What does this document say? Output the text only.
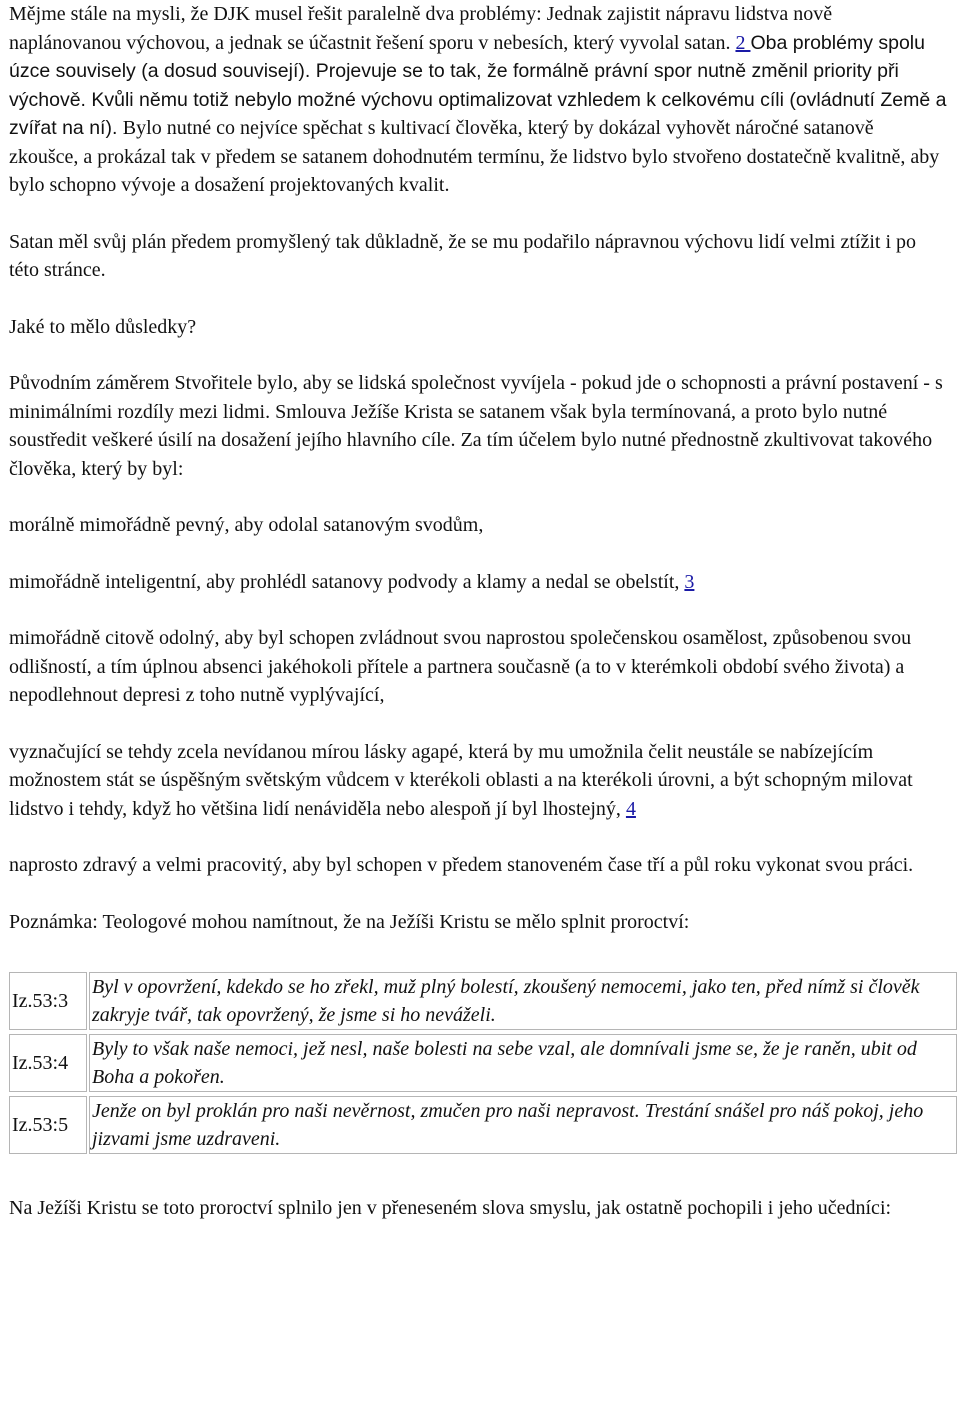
Mějme stále na mysli, že DJK musel řešit paralelně dva problémy: Jednak zajistit nápravu lidstva nově naplánovanou výchovou, a jednak se účastnit řešení sporu v nebesích, který vyvolal satan. 2 Oba problémy spolu úzce souvisely (a dosud souvisejí). Projevuje se to tak, že formálně právní spor nutně změnil priority při výchově. Kvůli němu totiž nebylo možné výchovu optimalizovat vzhledem k celkovému cíli (ovládnutí Země a zvířat na ní). Bylo nutné co nejvíce spěchat s kultivací člověka, který by dokázal vyhovět náročné satanově zkoušce, a prokázal tak v předem se satanem dohodnutém termínu, že lidstvo bylo stvořeno dostatečně kvalitně, aby bylo schopno vývoje a dosažení projektovaných kvalit.

Satan měl svůj plán předem promyšlený tak důkladně, že se mu podařilo nápravnou výchovu lidí velmi ztížit i po této stránce.

Jaké to mělo důsledky?

Původním záměrem Stvořitele bylo, aby se lidská společnost vyvíjela - pokud jde o schopnosti a právní postavení - s minimálními rozdíly mezi lidmi. Smlouva Ježíše Krista se satanem však byla termínovaná, a proto bylo nutné soustředit veškeré úsilí na dosažení jejího hlavního cíle. Za tím účelem bylo nutné přednostně zkultivovat takového člověka, který by byl:

morálně mimořádně pevný, aby odolal satanovým svodům,

mimořádně inteligentní, aby prohlédl satanovy podvody a klamy a nedal se obelstít, 3

mimořádně citově odolný, aby byl schopen zvládnout svou naprostou společenskou osamělost, způsobenou svou odlišností, a tím úplnou absenci jakéhokoli přítele a partnera současně (a to v kterémkoli období svého života) a nepodlehnout depresi z toho nutně vyplývající,

vyznačující se tehdy zcela nevídanou mírou lásky agapé, která by mu umožnila čelit neustále se nabízejícím možnostem stát se úspěšným světským vůdcem v kterékoli oblasti a na kterékoli úrovni, a být schopným milovat lidstvo i tehdy, když ho většina lidí nenáviděla nebo alespoň jí byl lhostejný, 4

naprosto zdravý a velmi pracovitý, aby byl schopen v předem stanoveném čase tří a půl roku vykonat svou práci.

Poznámka: Teologové mohou namítnout, že na Ježíši Kristu se mělo splnit proroctví:

Iz.53:3	Byl v opovržení, kdekdo se ho zřekl, muž plný bolestí, zkoušený nemocemi, jako ten, před nímž si člověk zakryje tvář, tak opovržený, že jsme si ho neváželi.
Iz.53:4	Byly to však naše nemoci, jež nesl, naše bolesti na sebe vzal, ale domnívali jsme se, že je raněn, ubit od Boha a pokořen.
Iz.53:5	Jenže on byl proklán pro naši nevěrnost, zmučen pro naši nepravost. Trestání snášel pro náš pokoj, jeho jizvami jsme uzdraveni.

Na Ježíši Kristu se toto proroctví splnilo jen v přeneseném slova smyslu, jak ostatně pochopili i jeho učedníci:
